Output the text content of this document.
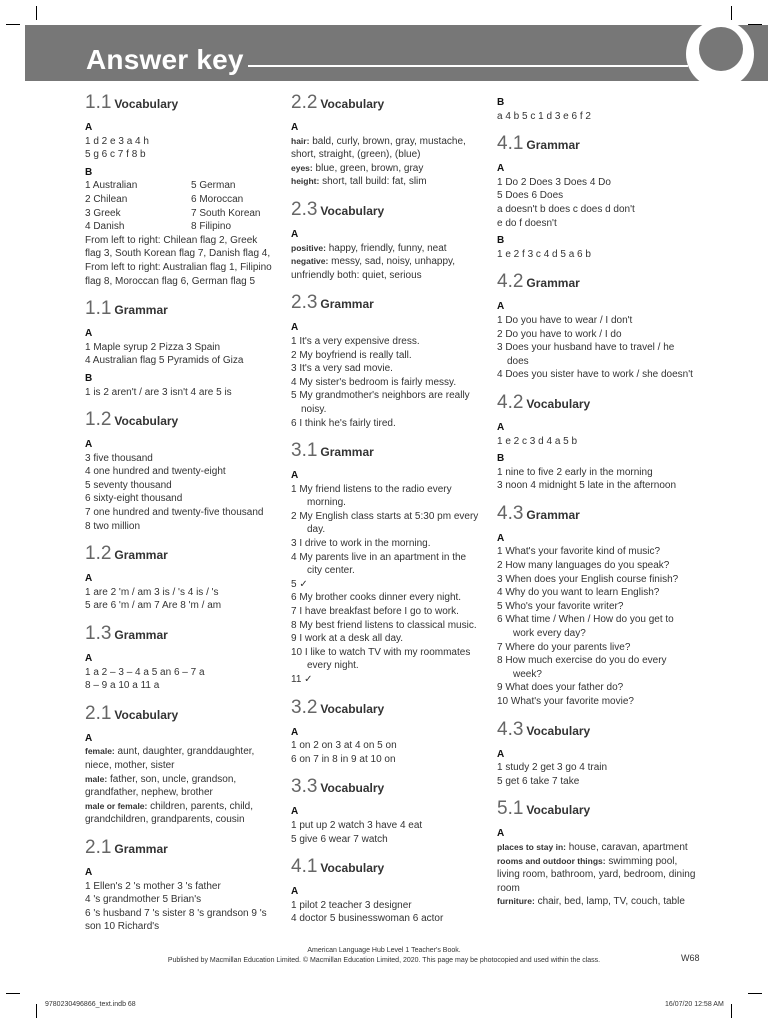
Answer key
1.1 Vocabulary
A
1 d 2 e 3 a 4 h
5 g 6 c 7 f 8 b
B
1 Australian	5 German
2 Chilean	6 Moroccan
3 Greek	7 South Korean
4 Danish	8 Filipino
From left to right: Chilean flag 2, Greek flag 3, South Korean flag 7, Danish flag 4,
From left to right: Australian flag 1, Filipino flag 8, Moroccan flag 6, German flag 5
1.1 Grammar
A
1 Maple syrup 2 Pizza 3 Spain
4 Australian flag 5 Pyramids of Giza
B
1 is 2 aren't / are 3 isn't 4 are 5 is
1.2 Vocabulary
A
3 five thousand
4 one hundred and twenty-eight
5 seventy thousand
6 sixty-eight thousand
7 one hundred and twenty-five thousand
8 two million
1.2 Grammar
A
1 are 2 'm / am 3 is / 's 4 is / 's
5 are 6 'm / am 7 Are 8 'm / am
1.3 Grammar
A
1 a 2 – 3 – 4 a 5 an 6 – 7 a
8 – 9 a 10 a 11 a
2.1 Vocabulary
A
female: aunt, daughter, granddaughter, niece, mother, sister
male: father, son, uncle, grandson, grandfather, nephew, brother
male or female: children, parents, child, grandchildren, grandparents, cousin
2.1 Grammar
A
1 Ellen's 2 's mother 3 's father
4 's grandmother 5 Brian's
6 's husband 7 's sister 8 's grandson 9 's son 10 Richard's
2.2 Vocabulary
A
hair: bald, curly, brown, gray, mustache, short, straight, (green), (blue)
eyes: blue, green, brown, gray
height: short, tall build: fat, slim
2.3 Vocabulary
A
positive: happy, friendly, funny, neat
negative: messy, sad, noisy, unhappy, unfriendly both: quiet, serious
2.3 Grammar
A
1 It's a very expensive dress.
2 My boyfriend is really tall.
3 It's a very sad movie.
4 My sister's bedroom is fairly messy.
5 My grandmother's neighbors are really noisy.
6 I think he's fairly tired.
3.1 Grammar
A
1 My friend listens to the radio every morning.
2 My English class starts at 5:30 pm every day.
3 I drive to work in the morning.
4 My parents live in an apartment in the city center.
5 ✓
6 My brother cooks dinner every night.
7 I have breakfast before I go to work.
8 My best friend listens to classical music.
9 I work at a desk all day.
10 I like to watch TV with my roommates every night.
11 ✓
3.2 Vocabulary
A
1 on 2 on 3 at 4 on 5 on
6 on 7 in 8 in 9 at 10 on
3.3 Vocabualry
A
1 put up 2 watch 3 have 4 eat
5 give 6 wear 7 watch
4.1 Vocabulary
A
1 pilot 2 teacher 3 designer
4 doctor 5 businesswoman 6 actor
B
a 4 b 5 c 1 d 3 e 6 f 2
4.1 Grammar
A
1 Do 2 Does 3 Does 4 Do
5 Does 6 Does
a doesn't b does c does d don't
e do f doesn't
B
1 e 2 f 3 c 4 d 5 a 6 b
4.2 Grammar
A
1 Do you have to wear / I don't
2 Do you have to work / I do
3 Does your husband have to travel / he does
4 Does you sister have to work / she doesn't
4.2 Vocabulary
A
1 e 2 c 3 d 4 a 5 b
B
1 nine to five 2 early in the morning
3 noon 4 midnight 5 late in the afternoon
4.3 Grammar
A
1 What's your favorite kind of music?
2 How many languages do you speak?
3 When does your English course finish?
4 Why do you want to learn English?
5 Who's your favorite writer?
6 What time / When / How do you get to work every day?
7 Where do your parents live?
8 How much exercise do you do every week?
9 What does your father do?
10 What's your favorite movie?
4.3 Vocabulary
A
1 study 2 get 3 go 4 train
5 get 6 take 7 take
5.1 Vocabulary
A
places to stay in: house, caravan, apartment
rooms and outdoor things: swimming pool, living room, bathroom, yard, bedroom, dining room
furniture: chair, bed, lamp, TV, couch, table
American Language Hub Level 1 Teacher's Book.
Published by Macmillan Education Limited. © Macmillan Education Limited, 2020. This page may be photocopied and used within the class.	W68
9780230496866_text.indb 68	16/07/20 12:58 AM
